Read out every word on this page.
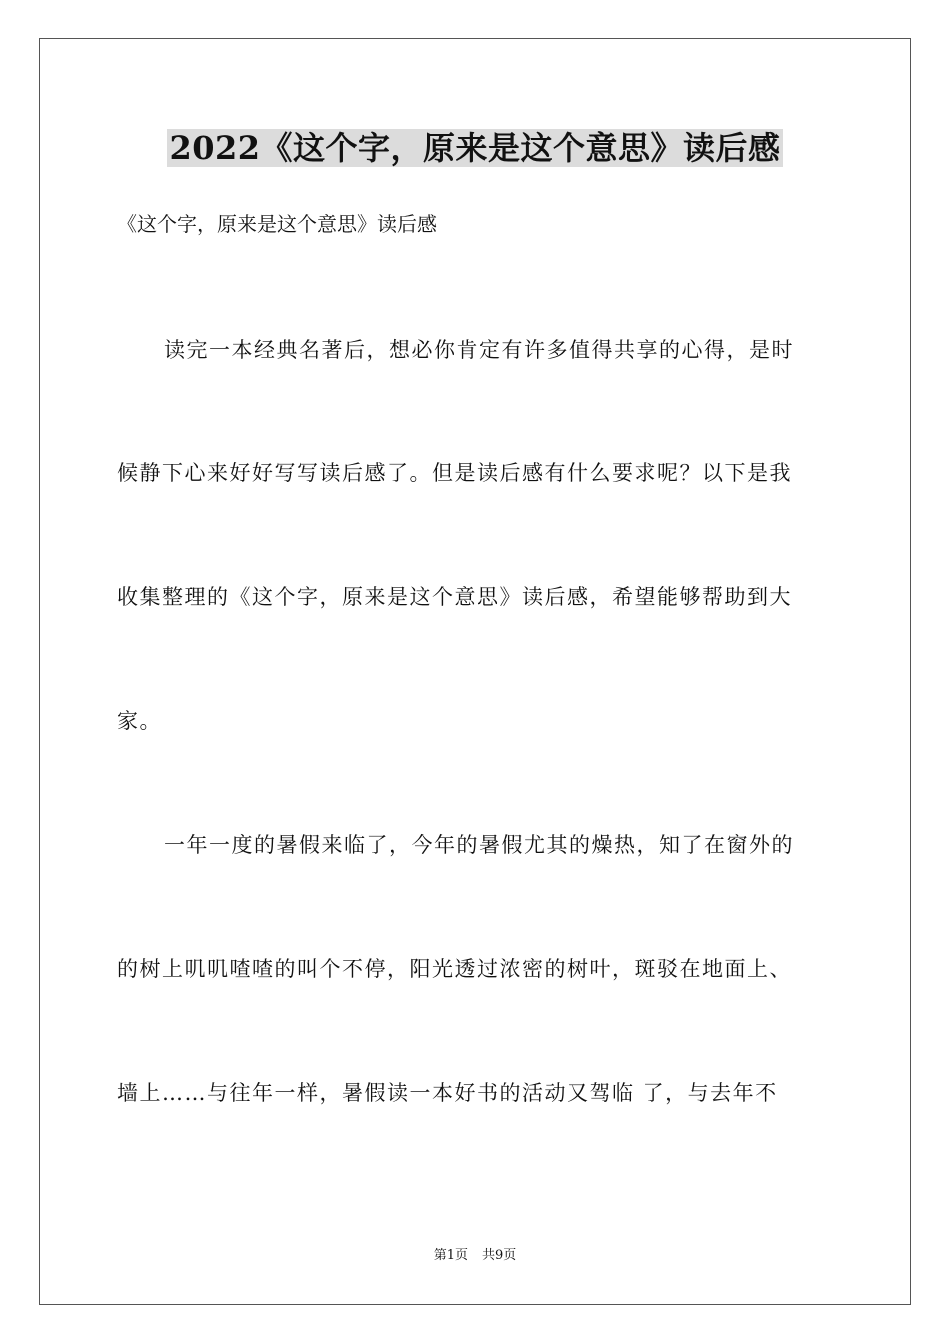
2022《这个字，原来是这个意思》读后感
《这个字，原来是这个意思》读后感
读完一本经典名著后，想必你肯定有许多值得共享的心得，是时
候静下心来好好写写读后感了。但是读后感有什么要求呢？以下是我
收集整理的《这个字，原来是这个意思》读后感，希望能够帮助到大
家。
一年一度的暑假来临了，今年的暑假尤其的燥热，知了在窗外的
的树上叽叽喳喳的叫个不停，阳光透过浓密的树叶，斑驳在地面上、
墙上……与往年一样，暑假读一本好书的活动又驾临 了，与去年不
第1页 共9页
